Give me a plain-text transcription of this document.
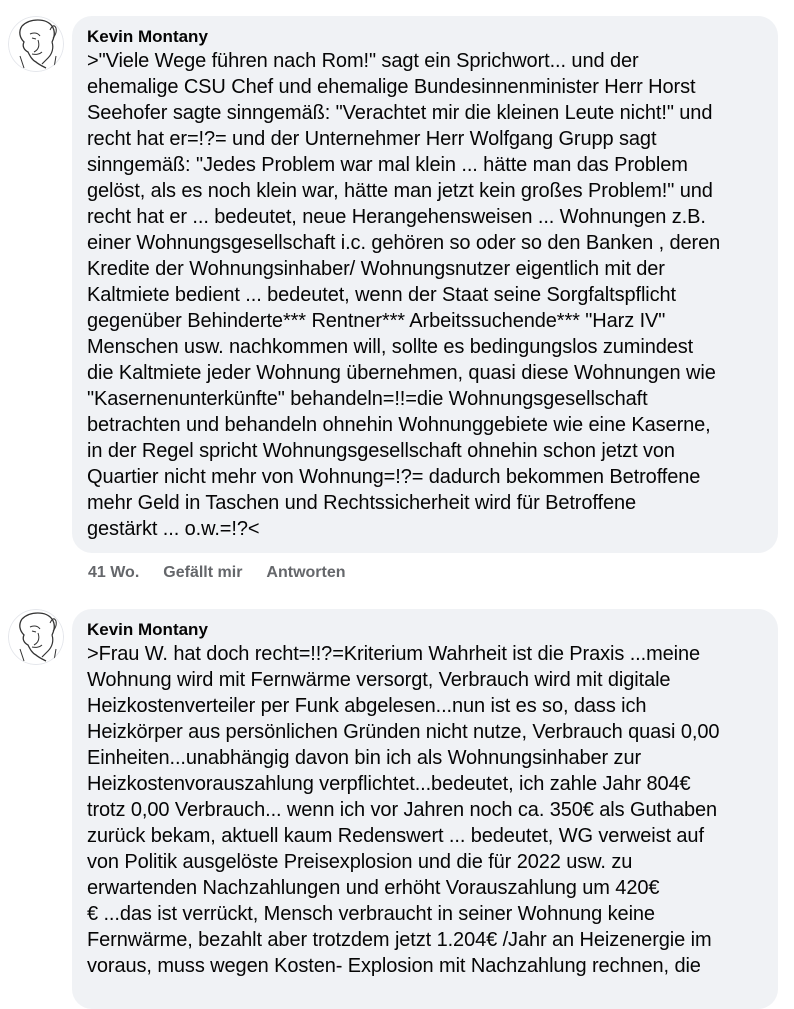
Kevin Montany

>"Viele Wege führen nach Rom!" sagt ein Sprichwort... und der
ehemalige CSU Chef und ehemalige Bundesinnenminister Herr Horst
Seehofer sagte sinngemäß: "Verachtet mir die kleinen Leute nicht!" und
recht hat er=!?= und der Unternehmer Herr Wolfgang Grupp sagt
sinngemäß: "Jedes Problem war mal klein ... hätte man das Problem
gelöst, als es noch klein war, hätte man jetzt kein großes Problem!" und
recht hat er ... bedeutet, neue Herangehensweisen ... Wohnungen z.B.
einer Wohnungsgesellschaft i.c. gehören so oder so den Banken , deren
Kredite der Wohnungsinhaber/ Wohnungsnutzer eigentlich mit der
Kaltmiete bedient ... bedeutet, wenn der Staat seine Sorgfaltspflicht
gegenüber Behinderte*** Rentner*** Arbeitssuchende*** "Harz IV"
Menschen usw. nachkommen will, sollte es bedingungslos zumindest
die Kaltmiete jeder Wohnung übernehmen, quasi diese Wohnungen wie
"Kasernenunterkünfte" behandeln=!!=die Wohnungsgesellschaft
betrachten und behandeln ohnehin Wohnunggebiete wie eine Kaserne,
in der Regel spricht Wohnungsgesellschaft ohnehin schon jetzt von
Quartier nicht mehr von Wohnung=!?= dadurch bekommen Betroffene
mehr Geld in Taschen und Rechtssicherheit wird für Betroffene
gestärkt ... o.w.=!?<

41 Wo. Gefällt mir Antworten
Kevin Montany

>Frau W. hat doch recht=!!?=Kriterium Wahrheit ist die Praxis ...meine
Wohnung wird mit Fernwärme versorgt, Verbrauch wird mit digitale
Heizkostenverteiler per Funk abgelesen...nun ist es so, dass ich
Heizkörper aus persönlichen Gründen nicht nutze, Verbrauch quasi 0,00
Einheiten...unabhängig davon bin ich als Wohnungsinhaber zur
Heizkostenvorauszahlung verpflichtet...bedeutet, ich zahle Jahr 804€
trotz 0,00 Verbrauch... wenn ich vor Jahren noch ca. 350€ als Guthaben
zurück bekam, aktuell kaum Redenswert ... bedeutet, WG verweist auf
von Politik ausgelöste Preisexplosion und die für 2022 usw. zu
erwartenden Nachzahlungen und erhöht Vorauszahlung um 420€
€ ...das ist verrückt, Mensch verbraucht in seiner Wohnung keine
Fernwärme, bezahlt aber trotzdem jetzt 1.204€ /Jahr an Heizenergie im
voraus, muss wegen Kosten- Explosion mit Nachzahlung rechnen, die
